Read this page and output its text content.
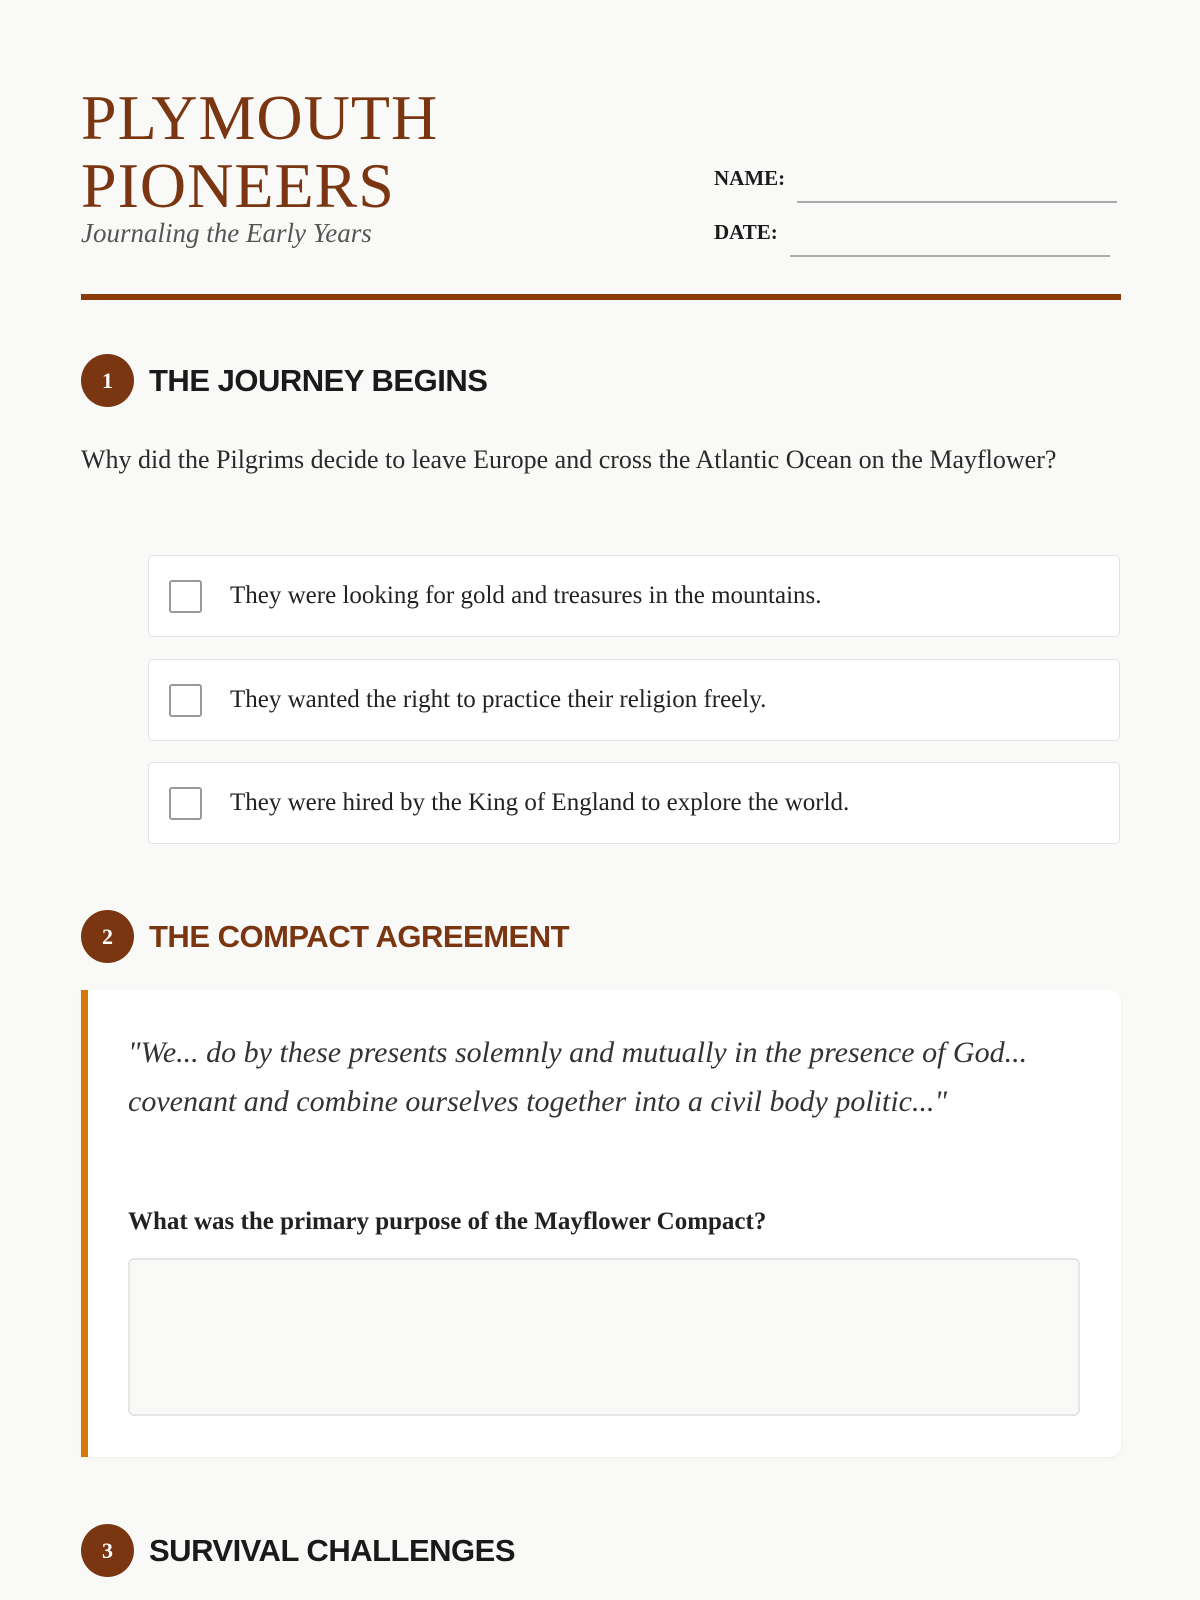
PLYMOUTH
PIONEERS
Journaling the Early Years
NAME:
DATE:
1	THE JOURNEY BEGINS
Why did the Pilgrims decide to leave Europe and cross the Atlantic Ocean on the Mayflower?
They were looking for gold and treasures in the mountains.
They wanted the right to practice their religion freely.
They were hired by the King of England to explore the world.
2	THE COMPACT AGREEMENT
"We... do by these presents solemnly and mutually in the presence of God... covenant and combine ourselves together into a civil body politic..."
What was the primary purpose of the Mayflower Compact?
3	SURVIVAL CHALLENGES
